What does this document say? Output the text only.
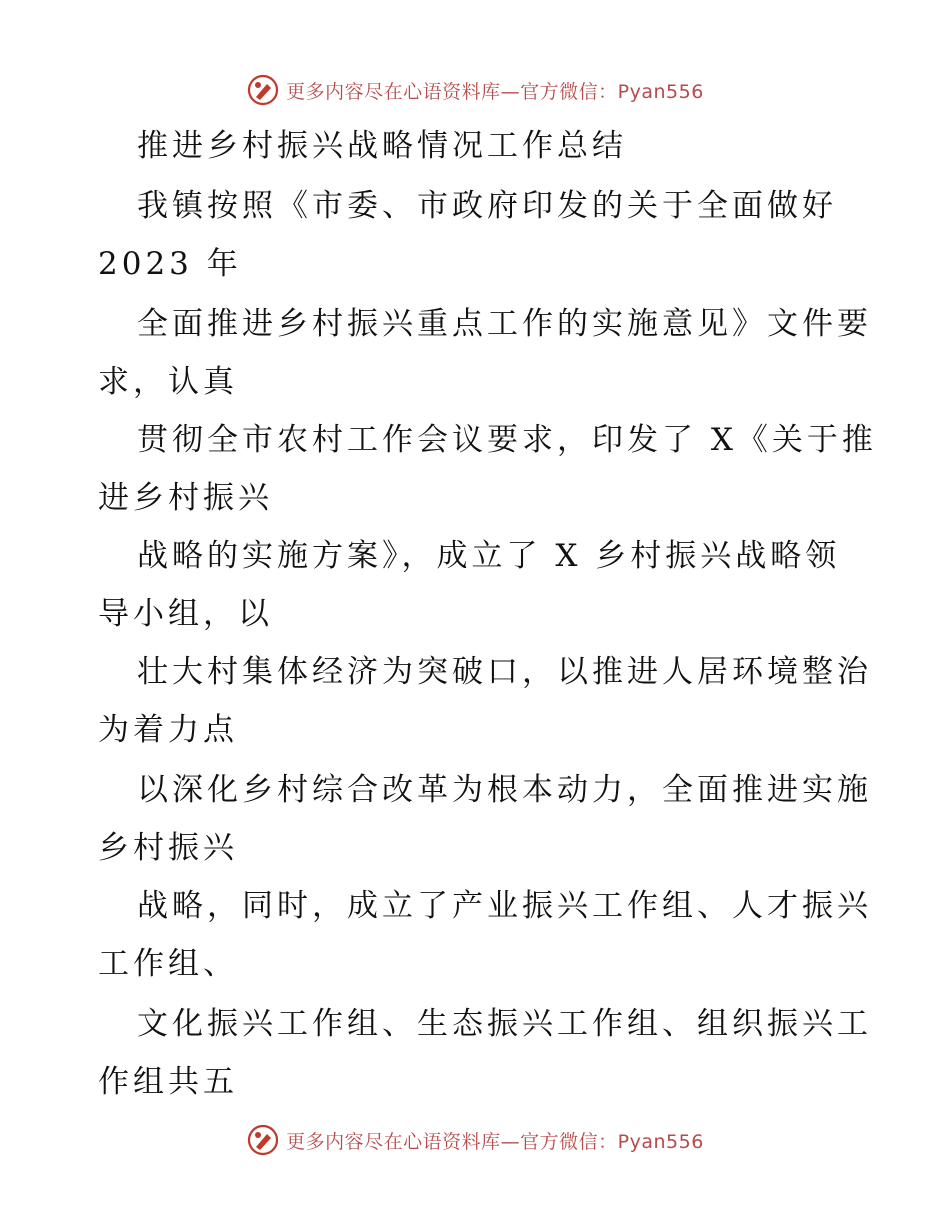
更多内容尽在心语资料库—官方微信：Pyan556
推进乡村振兴战略情况工作总结
我镇按照《市委、市政府印发的关于全面做好
2023 年
全面推进乡村振兴重点工作的实施意见》文件要
求，认真
贯彻全市农村工作会议要求，印发了 X《关于推
进乡村振兴
战略的实施方案》，成立了 X 乡村振兴战略领
导小组，以
壮大村集体经济为突破口，以推进人居环境整治
为着力点
以深化乡村综合改革为根本动力，全面推进实施
乡村振兴
战略，同时，成立了产业振兴工作组、人才振兴
工作组、
文化振兴工作组、生态振兴工作组、组织振兴工
作组共五
更多内容尽在心语资料库—官方微信：Pyan556
